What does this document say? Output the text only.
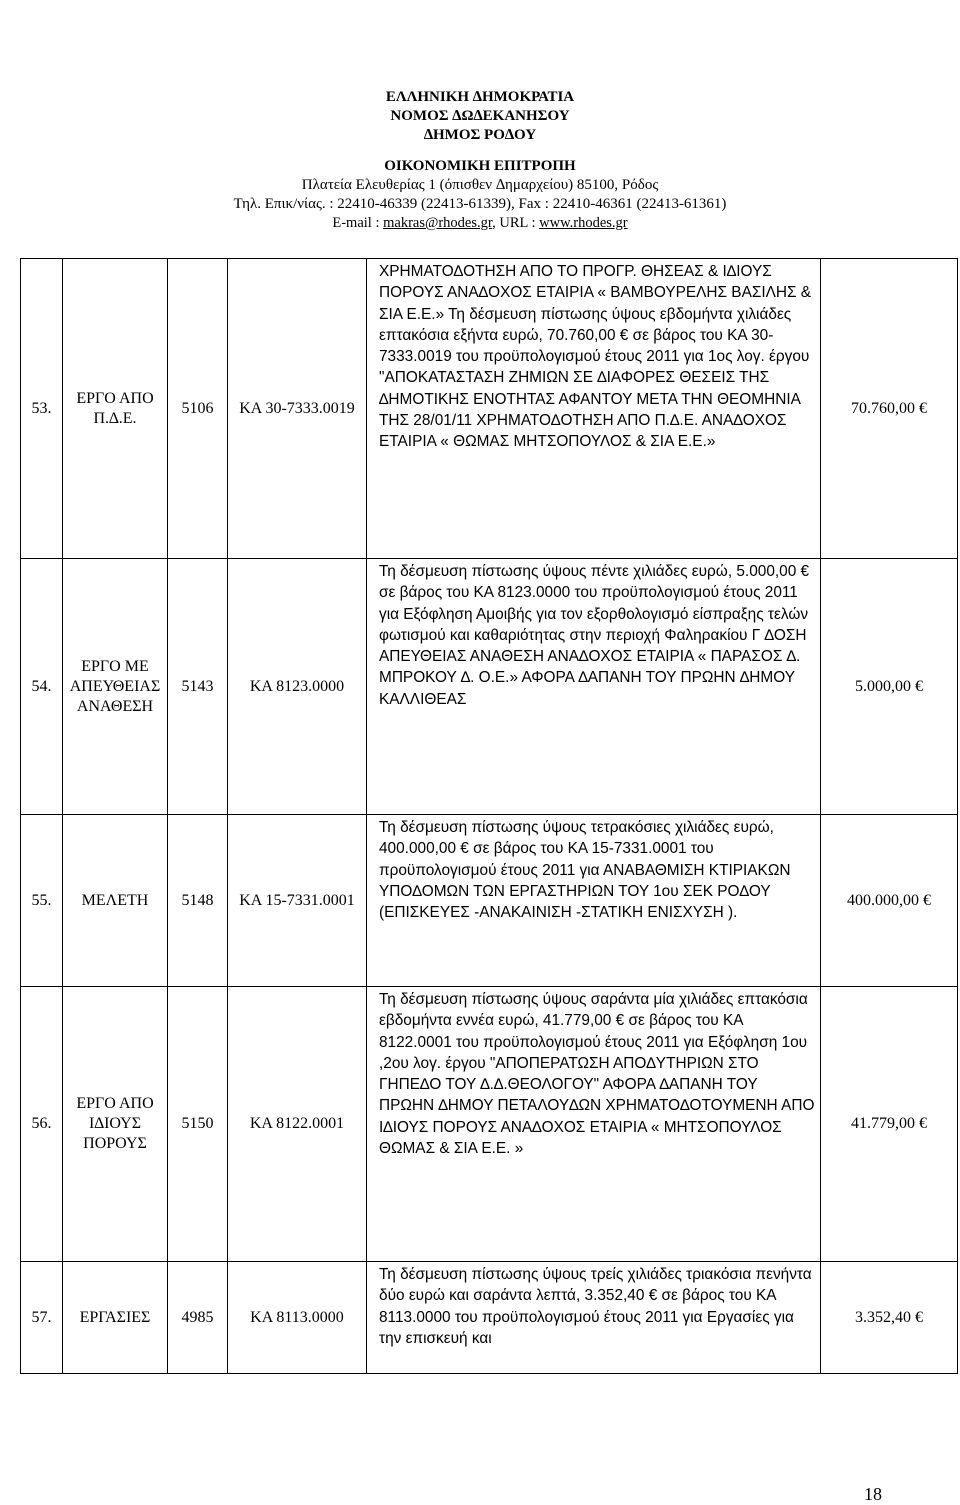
ΕΛΛΗΝΙΚΗ ∆ΗΜΟΚΡΑΤΙΑ
ΝΟΜΟΣ ∆Ω∆ΕΚΑΝΗΣΟΥ
∆ΗΜΟΣ ΡΟ∆ΟΥ
ΟΙΚΟΝΟΜΙΚΗ ΕΠΙΤΡΟΠΗ
Πλατεία Ελευθερίας 1 (όπισθεν ∆ημαρχείου) 85100, Ρόδος
Τηλ. Επικ/νίας. : 22410-46339 (22413-61339), Fax : 22410-46361 (22413-61361)
E-mail : makras@rhodes.gr, URL : www.rhodes.gr
53.	ΕΡΓΟ ΑΠΟ Π.∆.Ε.	5106	ΚΑ 30-7333.0019	ΧΡΗΜΑΤΟ∆ΟΤΗΣΗ ΑΠΟ ΤΟ ΠΡΟΓΡ. ΘΗΣΕΑΣ & Ι∆ΙΟΥΣ ΠΟΡΟΥΣ ΑΝΑ∆ΟΧΟΣ ΕΤΑΙΡΙΑ « ΒΑΜΒΟΥΡΕΛΗΣ ΒΑΣΙΛΗΣ & ΣΙΑ Ε.Ε.» Τη δέσμευση πίστωσης ύψους εβδομήντα χιλιάδες επτακόσια εξήντα ευρώ, 70.760,00 € σε βάρος του ΚΑ 30-7333.0019 του προϋπολογισμού έτους 2011 για 1ος λογ. έργου "ΑΠΟΚΑΤΑΣΤΑΣΗ ΖΗΜΙΩΝ ΣΕ ∆ΙΑΦΟΡΕΣ ΘΕΣΕΙΣ ΤΗΣ ∆ΗΜΟΤΙΚΗΣ ΕΝΟΤΗΤΑΣ ΑΦΑΝΤΟΥ ΜΕΤΑ ΤΗΝ ΘΕΟΜΗΝΙΑ ΤΗΣ 28/01/11 ΧΡΗΜΑΤΟ∆ΟΤΗΣΗ ΑΠΟ Π.∆.Ε. ΑΝΑ∆ΟΧΟΣ ΕΤΑΙΡΙΑ « ΘΩΜΑΣ ΜΗΤΣΟΠΟΥΛΟΣ & ΣΙΑ Ε.Ε.»	70.760,00 €
54.	ΕΡΓΟ ΜΕ ΑΠΕΥΘΕΙΑΣ ΑΝΑΘΕΣΗ	5143	ΚΑ 8123.0000	Τη δέσμευση πίστωσης ύψους πέντε χιλιάδες ευρώ, 5.000,00 € σε βάρος του ΚΑ 8123.0000 του προϋπολογισμού έτους 2011 για Εξόφληση Αμοιβής για τον εξορθολογισμό είσπραξης τελών φωτισμού και καθαριότητας στην περιοχή Φαληρακίου Γ ∆ΟΣΗ ΑΠΕΥΘΕΙΑΣ ΑΝΑΘΕΣΗ ΑΝΑ∆ΟΧΟΣ ΕΤΑΙΡΙΑ « ΠΑΡΑΣΟΣ ∆. ΜΠΡΟΚΟΥ ∆. Ο.Ε.» ΑΦΟΡΑ ∆ΑΠΑΝΗ ΤΟΥ ΠΡΩΗΝ ∆ΗΜΟΥ ΚΑΛΛΙΘΕΑΣ	5.000,00 €
55.	ΜΕΛΕΤΗ	5148	ΚΑ 15-7331.0001	Τη δέσμευση πίστωσης ύψους τετρακόσιες χιλιάδες ευρώ, 400.000,00 € σε βάρος του ΚΑ 15-7331.0001 του προϋπολογισμού έτους 2011 για ΑΝΑΒΑΘΜΙΣΗ ΚΤΙΡΙΑΚΩΝ ΥΠΟ∆ΟΜΩΝ ΤΩΝ ΕΡΓΑΣΤΗΡΙΩΝ ΤΟΥ 1ου ΣΕΚ ΡΟ∆ΟΥ (ΕΠΙΣΚΕΥΕΣ -ΑΝΑΚΑΙΝΙΣΗ -ΣΤΑΤΙΚΗ ΕΝΙΣΧΥΣΗ ).	400.000,00 €
56.	ΕΡΓΟ ΑΠΟ Ι∆ΙΟΥΣ ΠΟΡΟΥΣ	5150	ΚΑ 8122.0001	Τη δέσμευση πίστωσης ύψους σαράντα μία χιλιάδες επτακόσια εβδομήντα εννέα ευρώ, 41.779,00 € σε βάρος του ΚΑ 8122.0001 του προϋπολογισμού έτους 2011 για Εξόφληση 1ου ,2ου λογ. έργου "ΑΠΟΠΕΡΑΤΩΣΗ ΑΠΟ∆ΥΤΗΡΙΩΝ ΣΤΟ ΓΗΠΕ∆Ο ΤΟΥ ∆.∆.ΘΕΟΛΟΓΟΥ" ΑΦΟΡΑ ∆ΑΠΑΝΗ ΤΟΥ ΠΡΩΗΝ ∆ΗΜΟΥ ΠΕΤΑΛΟΥ∆ΩΝ ΧΡΗΜΑΤΟ∆ΟΤΟΥΜΕΝΗ ΑΠΟ Ι∆ΙΟΥΣ ΠΟΡΟΥΣ ΑΝΑ∆ΟΧΟΣ ΕΤΑΙΡΙΑ « ΜΗΤΣΟΠΟΥΛΟΣ ΘΩΜΑΣ & ΣΙΑ Ε.Ε. »	41.779,00 €
57.	ΕΡΓΑΣΙΕΣ	4985	ΚΑ 8113.0000	Τη δέσμευση πίστωσης ύψους τρείς χιλιάδες τριακόσια πενήντα δύο ευρώ και σαράντα λεπτά, 3.352,40 € σε βάρος του ΚΑ 8113.0000 του προϋπολογισμού έτους 2011 για Εργασίες για την επισκευή και	3.352,40 €
18
